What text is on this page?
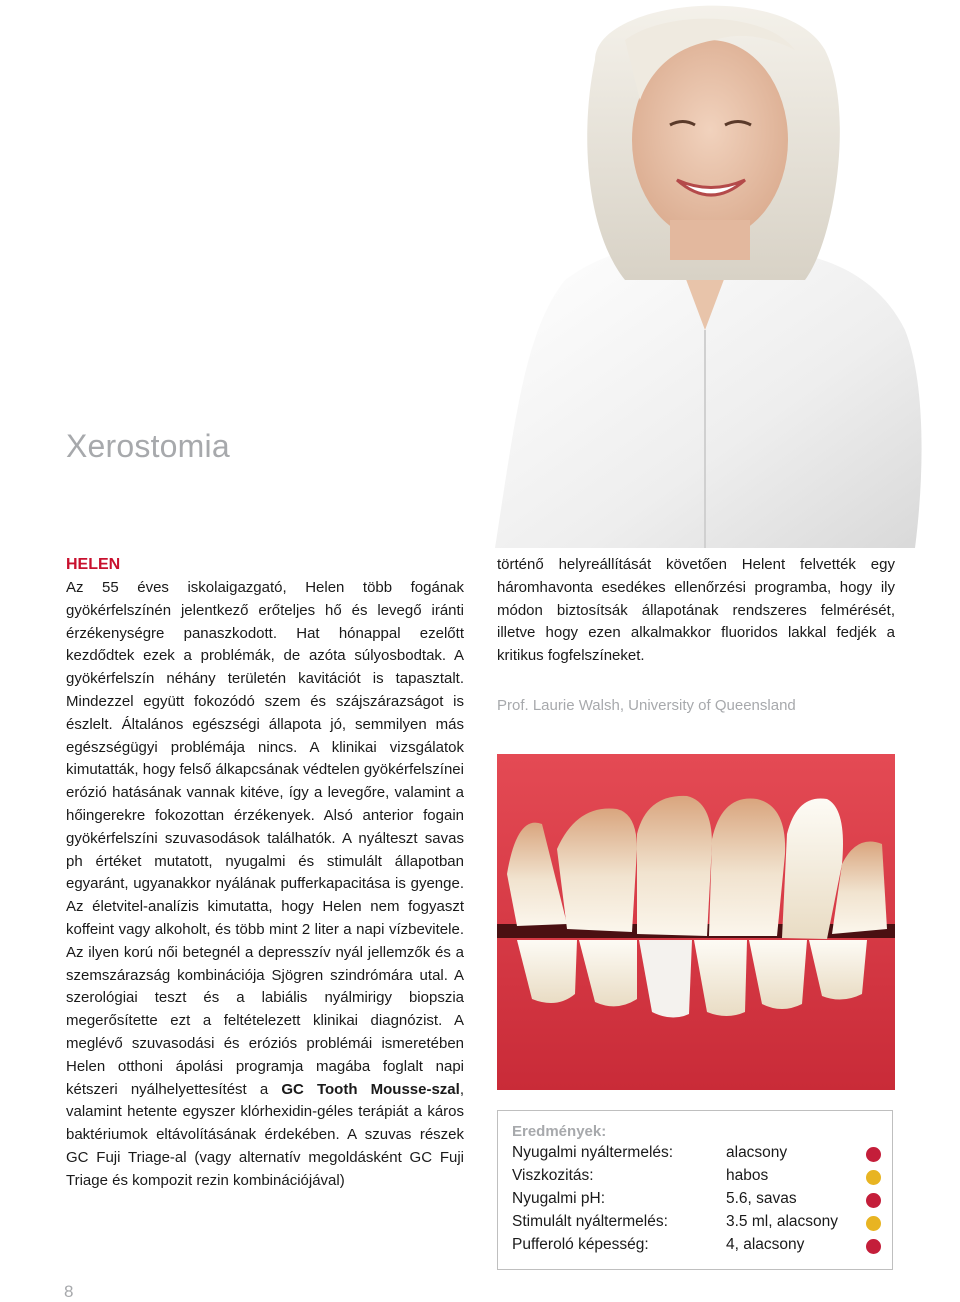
Xerostomia
HELEN

Az 55 éves iskolaigazgató, Helen több fogának gyökérfelszínén jelentkező erőteljes hő és levegő iránti érzékenységre panaszkodott. Hat hónappal ezelőtt kezdődtek ezek a problémák, de azóta súlyosbodtak. A gyökérfelszín néhány területén kavitációt is tapasztalt. Mindezzel együtt fokozódó szem és szájszárazságot is észlelt. Általános egészségi állapota jó, semmilyen más egészségügyi problémája nincs. A klinikai vizsgálatok kimutatták, hogy felső álkapcsának védtelen gyökérfelszínei erózió hatásának vannak kitéve, így a levegőre, valamint a hőingerekre fokozottan érzékenyek. Alsó anterior fogain gyökérfelszíni szuvasodások találhatók. A nyálteszt savas ph értéket mutatott, nyugalmi és stimulált állapotban egyaránt, ugyanakkor nyálának pufferkapacitása is gyenge. Az életvitel-analízis kimutatta, hogy Helen nem fogyaszt koffeint vagy alkoholt, és több mint 2 liter a napi vízbevitele. Az ilyen korú női betegnél a depresszív nyál jellemzők és a szemszárazság kombinációja Sjögren szindrómára utal. A szerológiai teszt és a labiális nyálmirigy biopszia megerősítette ezt a feltételezett klinikai diagnózist. A meglévő szuvasodási és eróziós problémái ismeretében Helen otthoni ápolási programja magába foglalt napi kétszeri nyálhelyettesítést a GC Tooth Mousse-szal, valamint hetente egyszer klórhexidin-géles terápiát a káros baktériumok eltávolításának érdekében. A szuvas részek GC Fuji Triage-al (vagy alternatív megoldásként GC Fuji Triage és kompozit rezin kombinációjával)

történő helyreállítását követően Helent felvették egy háromhavonta esedékes ellenőrzési programba, hogy ily módon biztosítsák állapotának rendszeres felmérését, illetve hogy ezen alkalmakkor fluoridos lakkal fedjék a kritikus fogfelszíneket.

Prof. Laurie Walsh, University of Queensland
Eredmények:
Nyugalmi nyáltermelés:	alacsony
Viszkozitás:	habos
Nyugalmi pH:	5.6, savas
Stimulált nyáltermelés:	3.5 ml, alacsony
Pufferoló képesség:	4, alacsony
8
